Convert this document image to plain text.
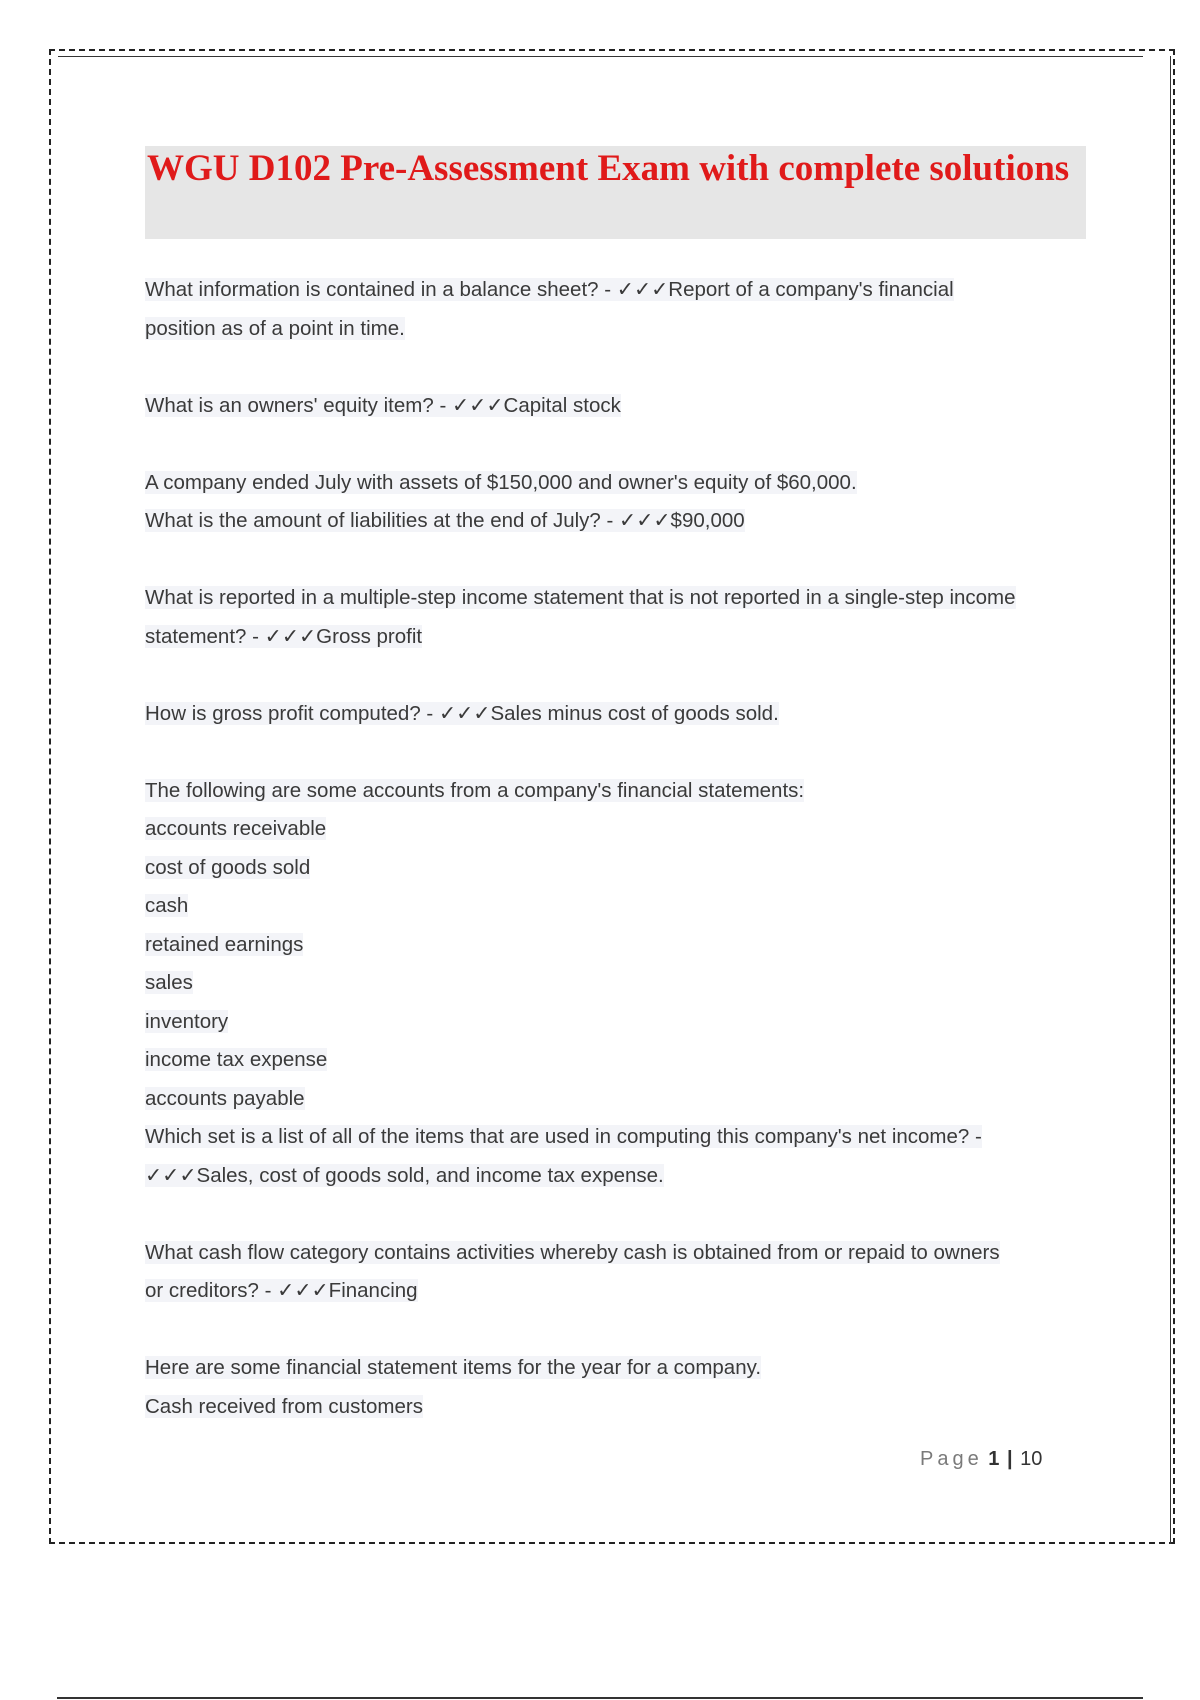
WGU D102 Pre-Assessment Exam with complete solutions
What information is contained in a balance sheet? - ✓✓✓Report of a company's financial
position as of a point in time.
What is an owners' equity item? - ✓✓✓Capital stock
A company ended July with assets of $150,000 and owner's equity of $60,000.
What is the amount of liabilities at the end of July? - ✓✓✓$90,000
What is reported in a multiple-step income statement that is not reported in a single-step income
statement? - ✓✓✓Gross profit
How is gross profit computed? - ✓✓✓Sales minus cost of goods sold.
The following are some accounts from a company's financial statements:
accounts receivable
cost of goods sold
cash
retained earnings
sales
inventory
income tax expense
accounts payable
Which set is a list of all of the items that are used in computing this company's net income? -
✓✓✓Sales, cost of goods sold, and income tax expense.
What cash flow category contains activities whereby cash is obtained from or repaid to owners
or creditors? - ✓✓✓Financing
Here are some financial statement items for the year for a company.
Cash received from customers
Page 1 | 10
